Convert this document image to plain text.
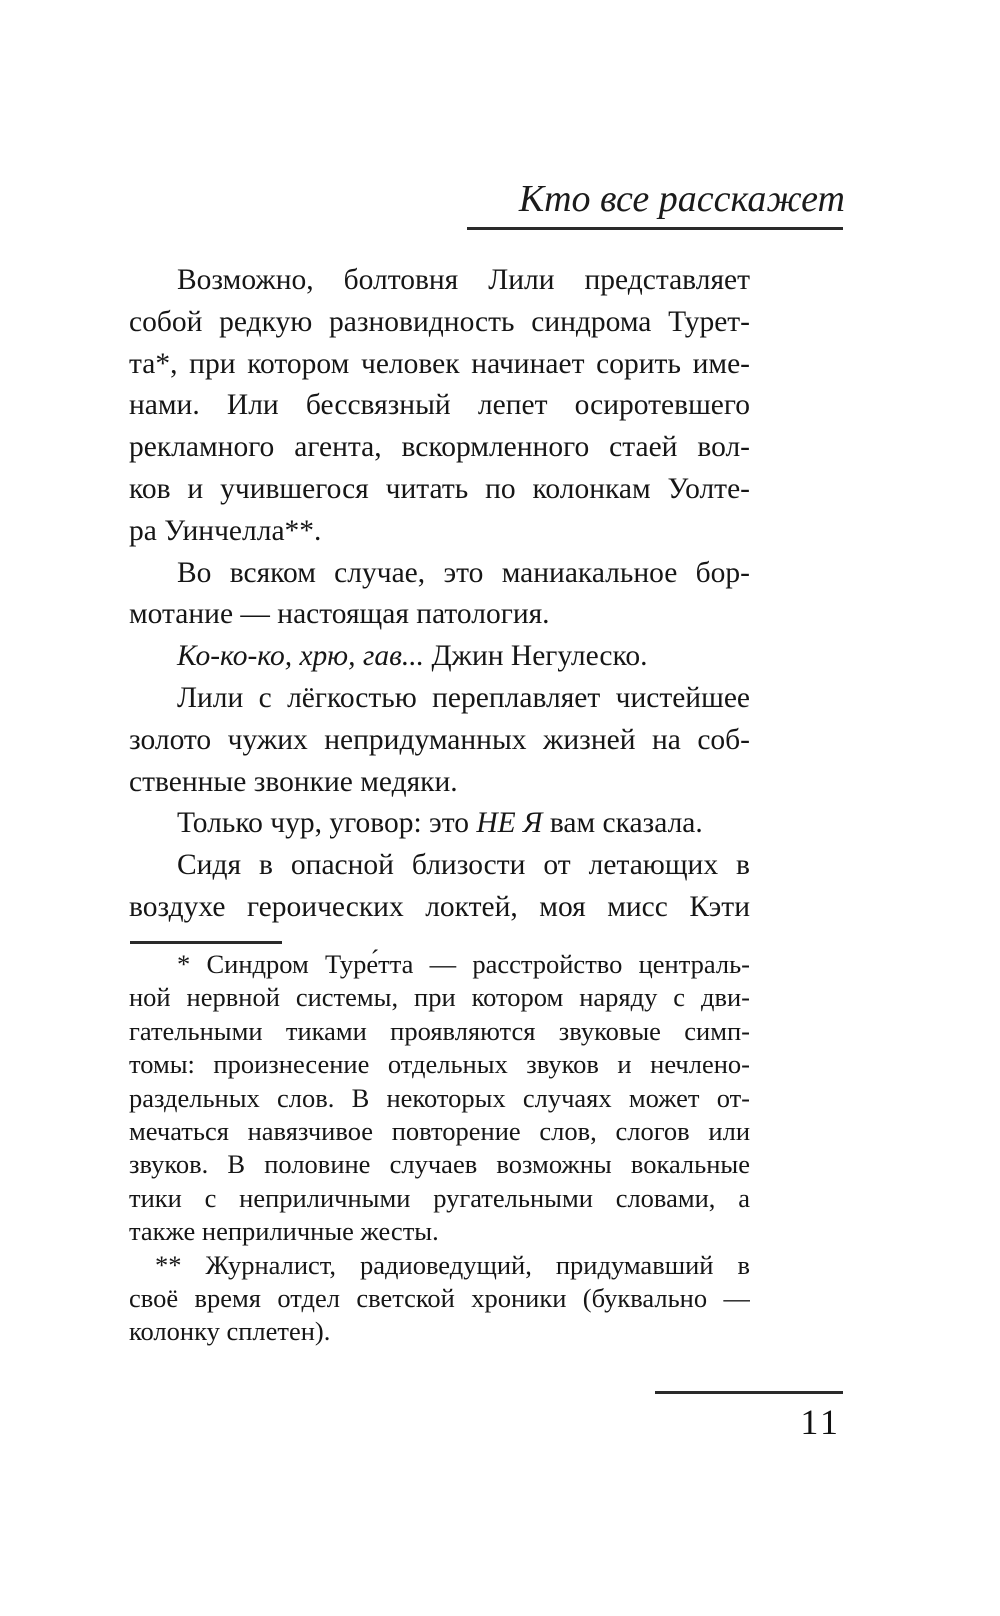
Кто все расскажет
Возможно, болтовня Лили представляет
собой редкую разновидность синдрома Турет-
та*, при котором человек начинает сорить име-
нами. Или бессвязный лепет осиротевшего
рекламного агента, вскормленного стаей вол-
ков и учившегося читать по колонкам Уолте-
ра Уинчелла**.
Во всяком случае, это маниакальное бор-
мотание — настоящая патология.
Ко-ко-ко, хрю, гав... Джин Негулеско.
Лили с лёгкостью переплавляет чистейшее
золото чужих непридуманных жизней на соб-
ственные звонкие медяки.
Только чур, уговор: это НЕ Я вам сказала.
Сидя в опасной близости от летающих в
воздухе героических локтей, моя мисс Кэти
* Синдром Туре́тта — расстройство централь-
ной нервной системы, при котором наряду с дви-
гательными тиками проявляются звуковые симп-
томы: произнесение отдельных звуков и нечлено-
раздельных слов. В некоторых случаях может от-
мечаться навязчивое повторение слов, слогов или
звуков. В половине случаев возможны вокальные
тики с неприличными ругательными словами, а
также неприличные жесты.
** Журналист, радиоведущий, придумавший в
своё время отдел светской хроники (буквально —
колонку сплетен).
11
